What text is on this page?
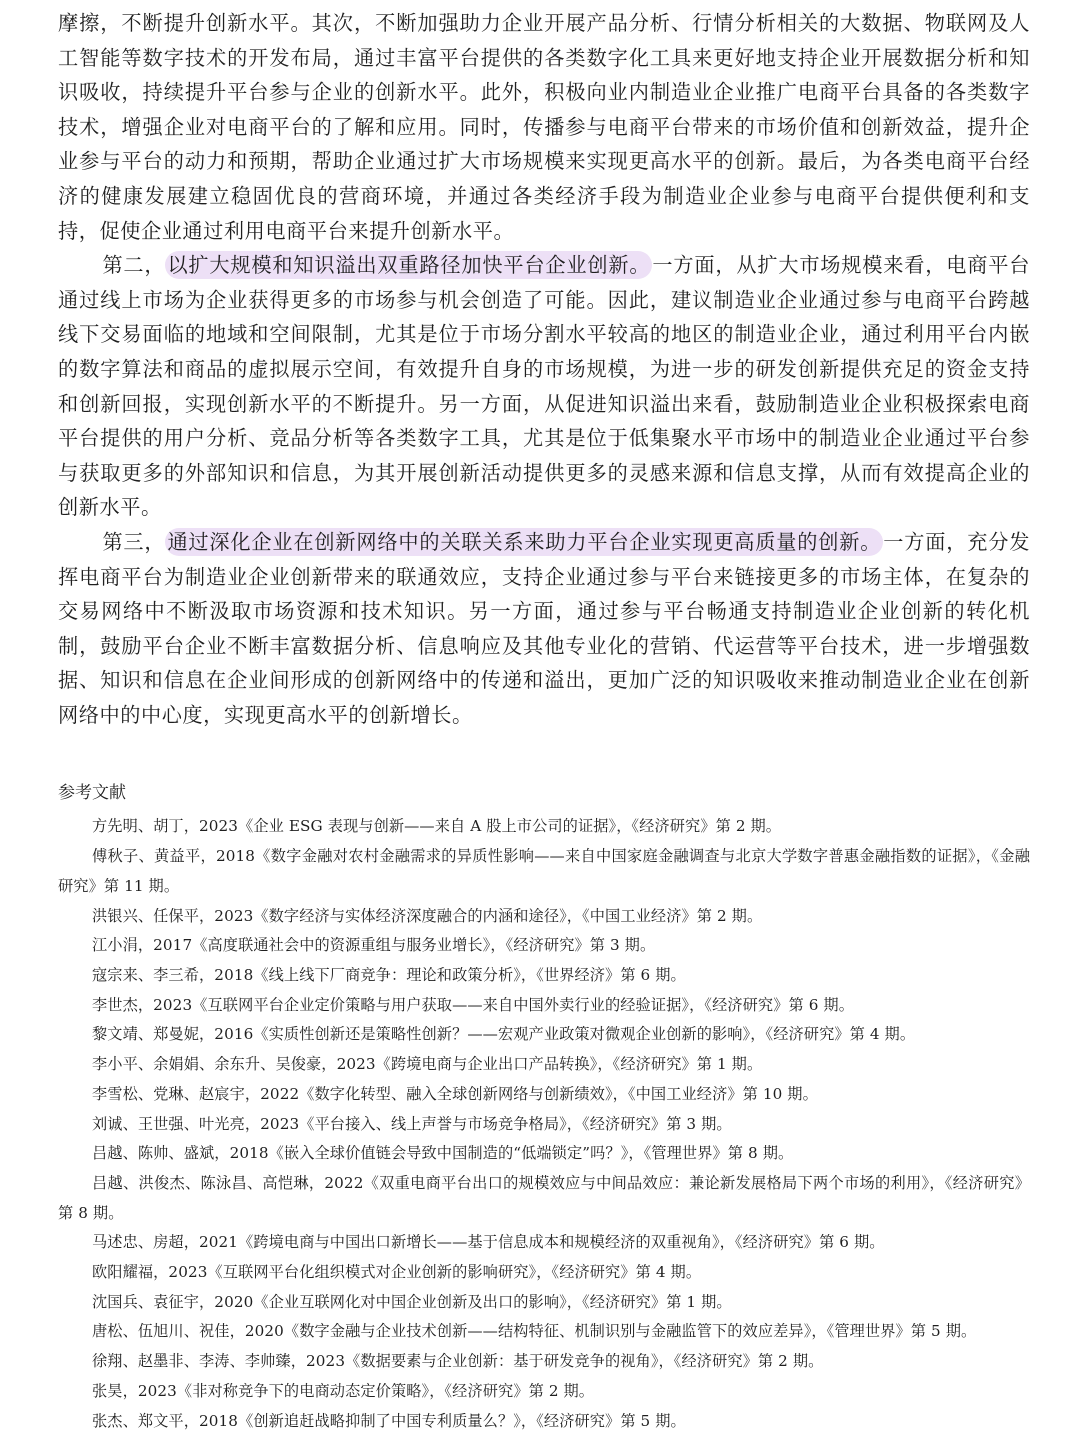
摩擦，不断提升创新水平。其次，不断加强助力企业开展产品分析、行情分析相关的大数据、物联网及人工智能等数字技术的开发布局，通过丰富平台提供的各类数字化工具来更好地支持企业开展数据分析和知识吸收，持续提升平台参与企业的创新水平。此外，积极向业内制造业企业推广电商平台具备的各类数字技术，增强企业对电商平台的了解和应用。同时，传播参与电商平台带来的市场价值和创新效益，提升企业参与平台的动力和预期，帮助企业通过扩大市场规模来实现更高水平的创新。最后，为各类电商平台经济的健康发展建立稳固优良的营商环境，并通过各类经济手段为制造业企业参与电商平台提供便利和支持，促使企业通过利用电商平台来提升创新水平。

第二，以扩大规模和知识溢出双重路径加快平台企业创新。一方面，从扩大市场规模来看，电商平台通过线上市场为企业获得更多的市场参与机会创造了可能。因此，建议制造业企业通过参与电商平台跨越线下交易面临的地域和空间限制，尤其是位于市场分割水平较高的地区的制造业企业，通过利用平台内嵌的数字算法和商品的虚拟展示空间，有效提升自身的市场规模，为进一步的研发创新提供充足的资金支持和创新回报，实现创新水平的不断提升。另一方面，从促进知识溢出来看，鼓励制造业企业积极探索电商平台提供的用户分析、竞品分析等各类数字工具，尤其是位于低集聚水平市场中的制造业企业通过平台参与获取更多的外部知识和信息，为其开展创新活动提供更多的灵感来源和信息支撑，从而有效提高企业的创新水平。

第三，通过深化企业在创新网络中的关联关系来助力平台企业实现更高质量的创新。一方面，充分发挥电商平台为制造业企业创新带来的联通效应，支持企业通过参与平台来链接更多的市场主体，在复杂的交易网络中不断汲取市场资源和技术知识。另一方面，通过参与平台畅通支持制造业企业创新的转化机制，鼓励平台企业不断丰富数据分析、信息响应及其他专业化的营销、代运营等平台技术，进一步增强数据、知识和信息在企业间形成的创新网络中的传递和溢出，更加广泛的知识吸收来推动制造业企业在创新网络中的中心度，实现更高水平的创新增长。

参考文献

方先明、胡丁，2023《企业 ESG 表现与创新——来自 A 股上市公司的证据》，《经济研究》第 2 期。

傅秋子、黄益平，2018《数字金融对农村金融需求的异质性影响——来自中国家庭金融调查与北京大学数字普惠金融指数的证据》，《金融研究》第 11 期。

洪银兴、任保平，2023《数字经济与实体经济深度融合的内涵和途径》，《中国工业经济》第 2 期。

江小涓，2017《高度联通社会中的资源重组与服务业增长》，《经济研究》第 3 期。

寇宗来、李三希，2018《线上线下厂商竞争：理论和政策分析》，《世界经济》第 6 期。

李世杰，2023《互联网平台企业定价策略与用户获取——来自中国外卖行业的经验证据》，《经济研究》第 6 期。

黎文靖、郑曼妮，2016《实质性创新还是策略性创新？——宏观产业政策对微观企业创新的影响》，《经济研究》第 4 期。

李小平、余娟娟、余东升、吴俊豪，2023《跨境电商与企业出口产品转换》，《经济研究》第 1 期。

李雪松、党琳、赵宸宇，2022《数字化转型、融入全球创新网络与创新绩效》，《中国工业经济》第 10 期。

刘诚、王世强、叶光亮，2023《平台接入、线上声誉与市场竞争格局》，《经济研究》第 3 期。

吕越、陈帅、盛斌，2018《嵌入全球价值链会导致中国制造的“低端锁定”吗？》，《管理世界》第 8 期。

吕越、洪俊杰、陈泳昌、高恺琳，2022《双重电商平台出口的规模效应与中间品效应：兼论新发展格局下两个市场的利用》，《经济研究》第 8 期。

马述忠、房超，2021《跨境电商与中国出口新增长——基于信息成本和规模经济的双重视角》，《经济研究》第 6 期。

欧阳耀福，2023《互联网平台化组织模式对企业创新的影响研究》，《经济研究》第 4 期。

沈国兵、袁征宇，2020《企业互联网化对中国企业创新及出口的影响》，《经济研究》第 1 期。

唐松、伍旭川、祝佳，2020《数字金融与企业技术创新——结构特征、机制识别与金融监管下的效应差异》，《管理世界》第 5 期。

徐翔、赵墨非、李涛、李帅臻，2023《数据要素与企业创新：基于研发竞争的视角》，《经济研究》第 2 期。

张昊，2023《非对称竞争下的电商动态定价策略》，《经济研究》第 2 期。

张杰、郑文平，2018《创新追赶战略抑制了中国专利质量么？》，《经济研究》第 5 期。
